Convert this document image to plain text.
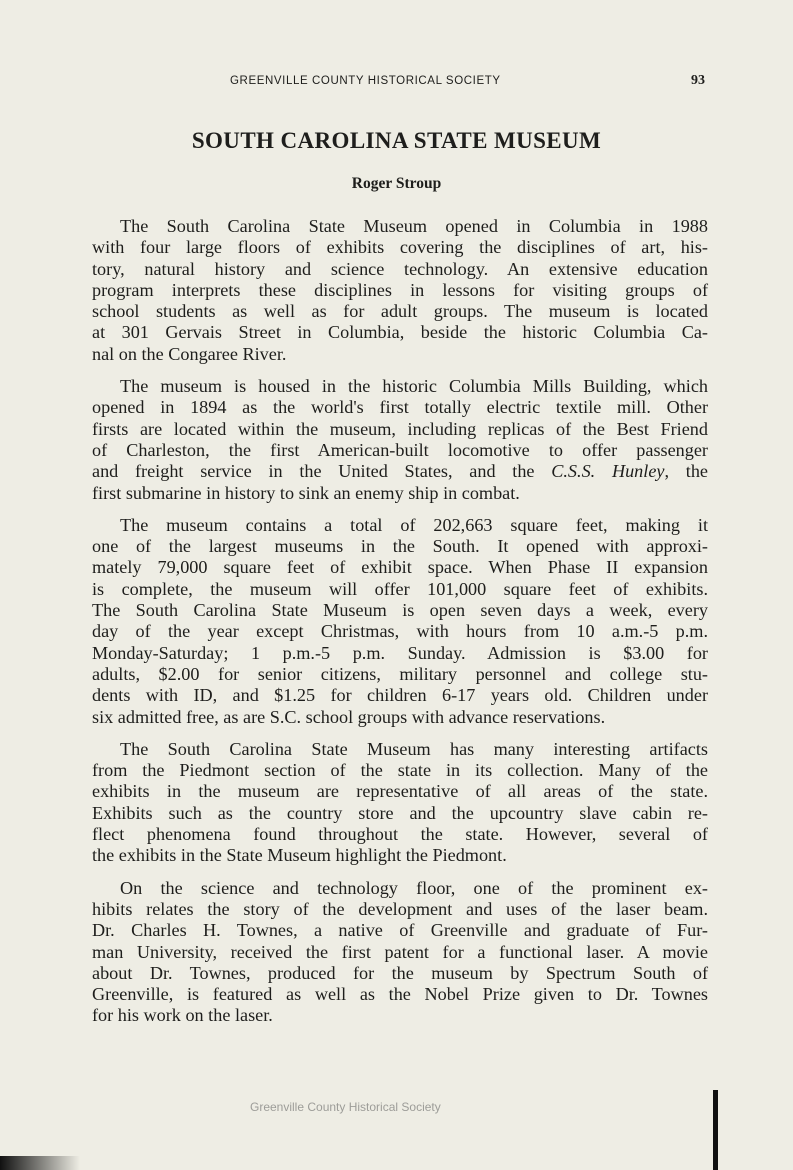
GREENVILLE COUNTY HISTORICAL SOCIETY	93
SOUTH CAROLINA STATE MUSEUM
Roger Stroup
The South Carolina State Museum opened in Columbia in 1988
with four large floors of exhibits covering the disciplines of art, his-
tory, natural history and science technology. An extensive education
program interprets these disciplines in lessons for visiting groups of
school students as well as for adult groups. The museum is located
at 301 Gervais Street in Columbia, beside the historic Columbia Ca-
nal on the Congaree River.
The museum is housed in the historic Columbia Mills Building, which
opened in 1894 as the world's first totally electric textile mill. Other
firsts are located within the museum, including replicas of the Best Friend
of Charleston, the first American-built locomotive to offer passenger
and freight service in the United States, and the C.S.S. Hunley, the
first submarine in history to sink an enemy ship in combat.
The museum contains a total of 202,663 square feet, making it
one of the largest museums in the South. It opened with approxi-
mately 79,000 square feet of exhibit space. When Phase II expansion
is complete, the museum will offer 101,000 square feet of exhibits.
The South Carolina State Museum is open seven days a week, every
day of the year except Christmas, with hours from 10 a.m.-5 p.m.
Monday-Saturday; 1 p.m.-5 p.m. Sunday. Admission is $3.00 for
adults, $2.00 for senior citizens, military personnel and college stu-
dents with ID, and $1.25 for children 6-17 years old. Children under
six admitted free, as are S.C. school groups with advance reservations.
The South Carolina State Museum has many interesting artifacts
from the Piedmont section of the state in its collection. Many of the
exhibits in the museum are representative of all areas of the state.
Exhibits such as the country store and the upcountry slave cabin re-
flect phenomena found throughout the state. However, several of
the exhibits in the State Museum highlight the Piedmont.
On the science and technology floor, one of the prominent ex-
hibits relates the story of the development and uses of the laser beam.
Dr. Charles H. Townes, a native of Greenville and graduate of Fur-
man University, received the first patent for a functional laser. A movie
about Dr. Townes, produced for the museum by Spectrum South of
Greenville, is featured as well as the Nobel Prize given to Dr. Townes
for his work on the laser.
Greenville County Historical Society
